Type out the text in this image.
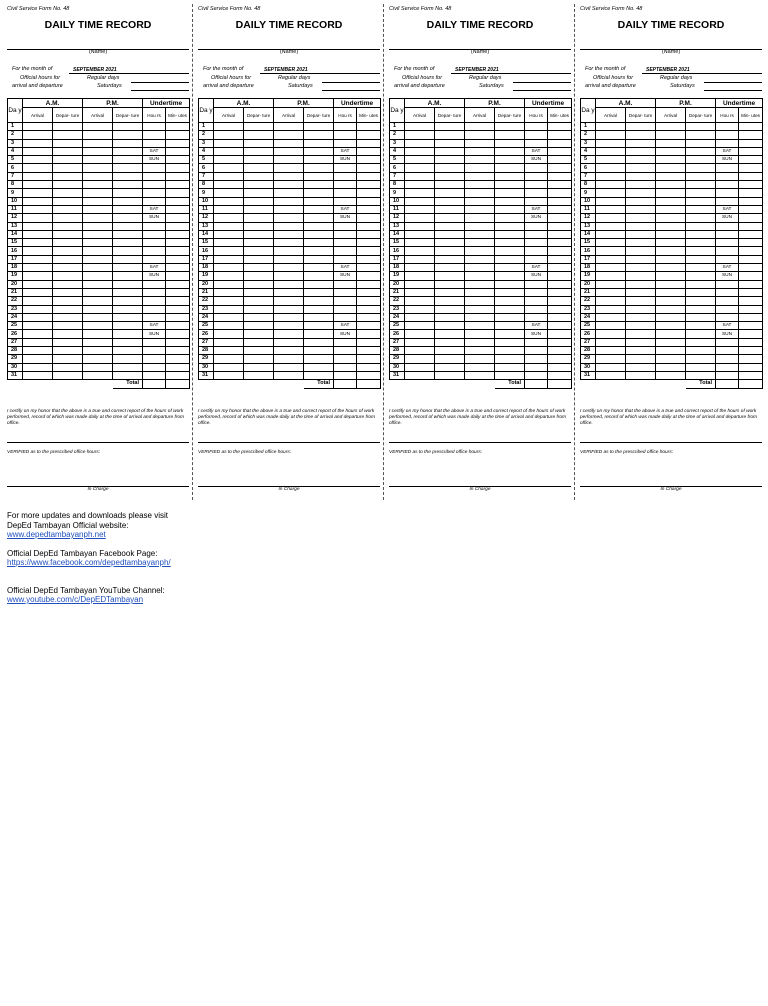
Civil Service Form No. 48
DAILY TIME RECORD
(Name)
For the month of	SEPTEMBER 2021
Official hours for	Regular days
arrival and departure	Saturdays
Da y	A.M.		P.M.		Undertime	
	Arrival	Depar- ture	Arrival	Depar- ture	Hou rs	Min- utes
1						
2						
3						
4					SAT	
5					SUN	
6						
7						
8						
9						
10						
11					SAT	
12					SUN	
13						
14						
15						
16						
17						
18					SAT	
19					SUN	
20						
21						
22						
23						
24						
25					SAT	
26					SUN	
27						
28						
29						
30						
31						
				Total		
I certify on my honor that the above is a true and correct report of the hours of work performed, record of which was made daily at the time of arrival and departure from office.
VERIFIED as to the prescribed office hours:
In Charge
Civil Service Form No. 48
DAILY TIME RECORD
(Name)
For the month of	SEPTEMBER 2021
Official hours for	Regular days
arrival and departure	Saturdays
Da y	A.M.		P.M.		Undertime	
	Arrival	Depar- ture	Arrival	Depar- ture	Hou rs	Min- utes
1						
2						
3						
4					SAT	
5					SUN	
6						
7						
8						
9						
10						
11					SAT	
12					SUN	
13						
14						
15						
16						
17						
18					SAT	
19					SUN	
20						
21						
22						
23						
24						
25					SAT	
26					SUN	
27						
28						
29						
30						
31						
				Total		
I certify on my honor that the above is a true and correct report of the hours of work performed, record of which was made daily at the time of arrival and departure from office.
VERIFIED as to the prescribed office hours:
In Charge
Civil Service Form No. 48
DAILY TIME RECORD
(Name)
For the month of	SEPTEMBER 2021
Official hours for	Regular days
arrival and departure	Saturdays
Da y	A.M.		P.M.		Undertime	
	Arrival	Depar- ture	Arrival	Depar- ture	Hou rs	Min- utes
1						
2						
3						
4					SAT	
5					SUN	
6						
7						
8						
9						
10						
11					SAT	
12					SUN	
13						
14						
15						
16						
17						
18					SAT	
19					SUN	
20						
21						
22						
23						
24						
25					SAT	
26					SUN	
27						
28						
29						
30						
31						
				Total		
I certify on my honor that the above is a true and correct report of the hours of work performed, record of which was made daily at the time of arrival and departure from office.
VERIFIED as to the prescribed office hours:
In Charge
Civil Service Form No. 48
DAILY TIME RECORD
(Name)
For the month of	SEPTEMBER 2021
Official hours for	Regular days
arrival and departure	Saturdays
Da y	A.M.		P.M.		Undertime	
	Arrival	Depar- ture	Arrival	Depar- ture	Hou rs	Min- utes
1						
2						
3						
4					SAT	
5					SUN	
6						
7						
8						
9						
10						
11					SAT	
12					SUN	
13						
14						
15						
16						
17						
18					SAT	
19					SUN	
20						
21						
22						
23						
24						
25					SAT	
26					SUN	
27						
28						
29						
30						
31						
				Total		
I certify on my honor that the above is a true and correct report of the hours of work performed, record of which was made daily at the time of arrival and departure from office.
VERIFIED as to the prescribed office hours:
In Charge

For more updates and downloads please visit

DepEd Tambayan Official website:

www.depedtambayanph.net

Official DepEd Tambayan Facebook Page:

https://www.facebook.com/depedtambayanph/

Official DepEd Tambayan YouTube Channel:

www.youtube.com/c/DepEDTambayan
